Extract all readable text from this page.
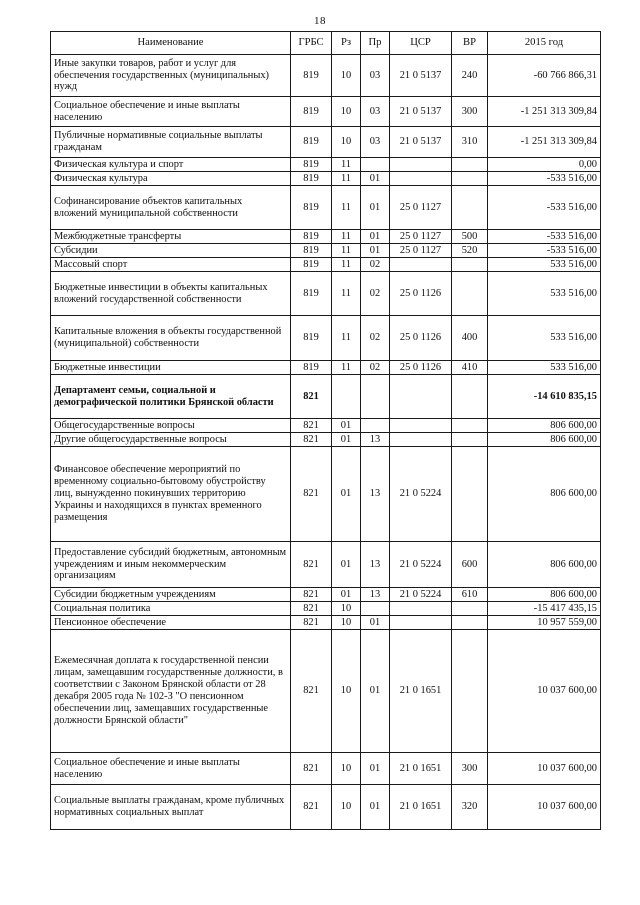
18
Наименование	ГРБС	Рз	Пр	ЦСР	ВР	2015 год
Иные закупки товаров, работ и услуг для обеспечения государственных (муниципальных) нужд	819	10	03	21 0 5137	240	-60 766 866,31
Социальное обеспечение и иные выплаты населению	819	10	03	21 0 5137	300	-1 251 313 309,84
Публичные нормативные социальные выплаты гражданам	819	10	03	21 0 5137	310	-1 251 313 309,84
Физическая культура и спорт	819	11				0,00
Физическая культура	819	11	01			-533 516,00
Софинансирование объектов капитальных вложений муниципальной собственности	819	11	01	25 0 1127		-533 516,00
Межбюджетные трансферты	819	11	01	25 0 1127	500	-533 516,00
Субсидии	819	11	01	25 0 1127	520	-533 516,00
Массовый спорт	819	11	02			533 516,00
Бюджетные инвестиции в объекты капитальных вложений государственной собственности	819	11	02	25 0 1126		533 516,00
Капитальные вложения в объекты государственной (муниципальной) собственности	819	11	02	25 0 1126	400	533 516,00
Бюджетные инвестиции	819	11	02	25 0 1126	410	533 516,00
Департамент семьи, социальной и демографической политики Брянской области	821					-14 610 835,15
Общегосударственные вопросы	821	01				806 600,00
Другие общегосударственные вопросы	821	01	13			806 600,00
Финансовое обеспечение мероприятий по временному социально-бытовому обустройству лиц, вынужденно покинувших территорию Украины и находящихся в пунктах временного размещения	821	01	13	21 0 5224		806 600,00
Предоставление субсидий бюджетным, автономным учреждениям и иным некоммерческим организациям	821	01	13	21 0 5224	600	806 600,00
Субсидии бюджетным учреждениям	821	01	13	21 0 5224	610	806 600,00
Социальная политика	821	10				-15 417 435,15
Пенсионное обеспечение	821	10	01			10 957 559,00
Ежемесячная доплата к государственной пенсии лицам, замещавшим государственные должности, в соответствии с Законом Брянской области от 28 декабря 2005 года № 102-З "О пенсионном обеспечении лиц, замещавших государственные должности Брянской области"	821	10	01	21 0 1651		10 037 600,00
Социальное обеспечение и иные выплаты населению	821	10	01	21 0 1651	300	10 037 600,00
Социальные выплаты гражданам, кроме публичных нормативных социальных выплат	821	10	01	21 0 1651	320	10 037 600,00
